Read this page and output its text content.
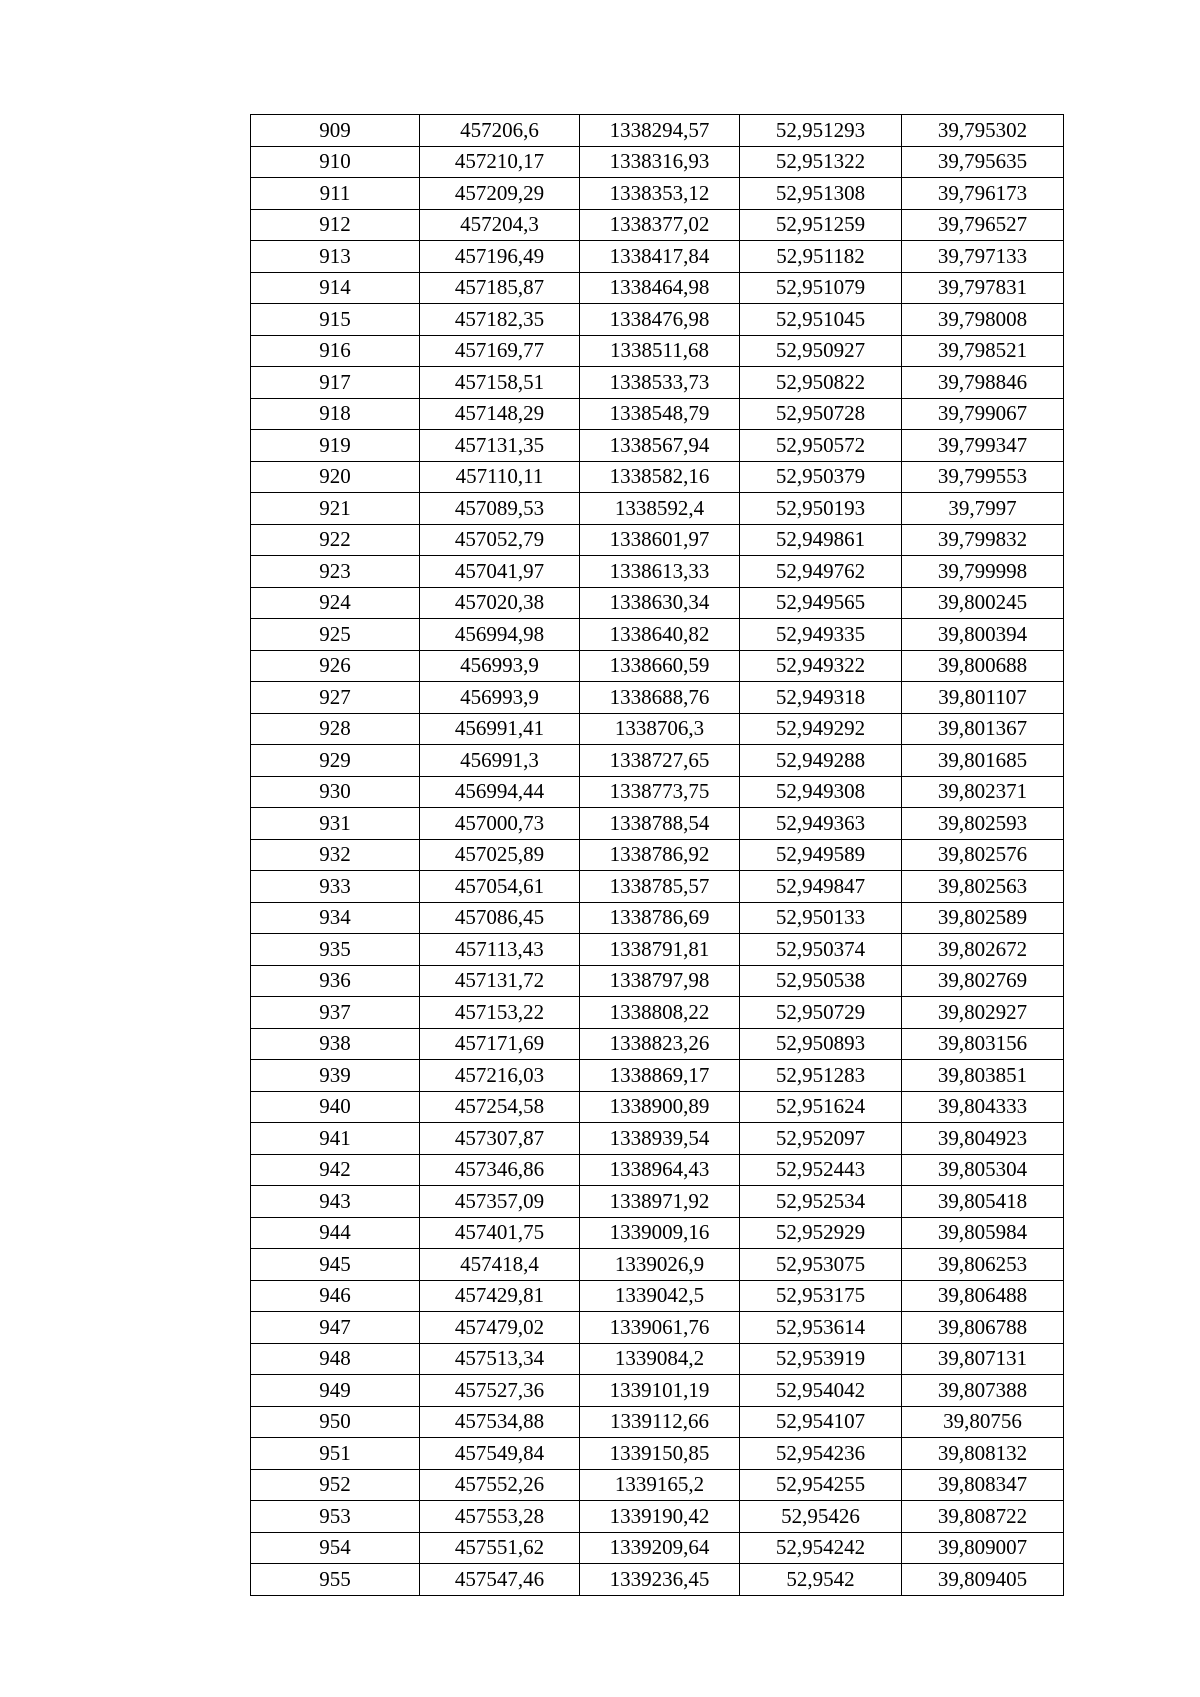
909	457206,6	1338294,57	52,951293	39,795302
910	457210,17	1338316,93	52,951322	39,795635
911	457209,29	1338353,12	52,951308	39,796173
912	457204,3	1338377,02	52,951259	39,796527
913	457196,49	1338417,84	52,951182	39,797133
914	457185,87	1338464,98	52,951079	39,797831
915	457182,35	1338476,98	52,951045	39,798008
916	457169,77	1338511,68	52,950927	39,798521
917	457158,51	1338533,73	52,950822	39,798846
918	457148,29	1338548,79	52,950728	39,799067
919	457131,35	1338567,94	52,950572	39,799347
920	457110,11	1338582,16	52,950379	39,799553
921	457089,53	1338592,4	52,950193	39,7997
922	457052,79	1338601,97	52,949861	39,799832
923	457041,97	1338613,33	52,949762	39,799998
924	457020,38	1338630,34	52,949565	39,800245
925	456994,98	1338640,82	52,949335	39,800394
926	456993,9	1338660,59	52,949322	39,800688
927	456993,9	1338688,76	52,949318	39,801107
928	456991,41	1338706,3	52,949292	39,801367
929	456991,3	1338727,65	52,949288	39,801685
930	456994,44	1338773,75	52,949308	39,802371
931	457000,73	1338788,54	52,949363	39,802593
932	457025,89	1338786,92	52,949589	39,802576
933	457054,61	1338785,57	52,949847	39,802563
934	457086,45	1338786,69	52,950133	39,802589
935	457113,43	1338791,81	52,950374	39,802672
936	457131,72	1338797,98	52,950538	39,802769
937	457153,22	1338808,22	52,950729	39,802927
938	457171,69	1338823,26	52,950893	39,803156
939	457216,03	1338869,17	52,951283	39,803851
940	457254,58	1338900,89	52,951624	39,804333
941	457307,87	1338939,54	52,952097	39,804923
942	457346,86	1338964,43	52,952443	39,805304
943	457357,09	1338971,92	52,952534	39,805418
944	457401,75	1339009,16	52,952929	39,805984
945	457418,4	1339026,9	52,953075	39,806253
946	457429,81	1339042,5	52,953175	39,806488
947	457479,02	1339061,76	52,953614	39,806788
948	457513,34	1339084,2	52,953919	39,807131
949	457527,36	1339101,19	52,954042	39,807388
950	457534,88	1339112,66	52,954107	39,80756
951	457549,84	1339150,85	52,954236	39,808132
952	457552,26	1339165,2	52,954255	39,808347
953	457553,28	1339190,42	52,95426	39,808722
954	457551,62	1339209,64	52,954242	39,809007
955	457547,46	1339236,45	52,9542	39,809405
